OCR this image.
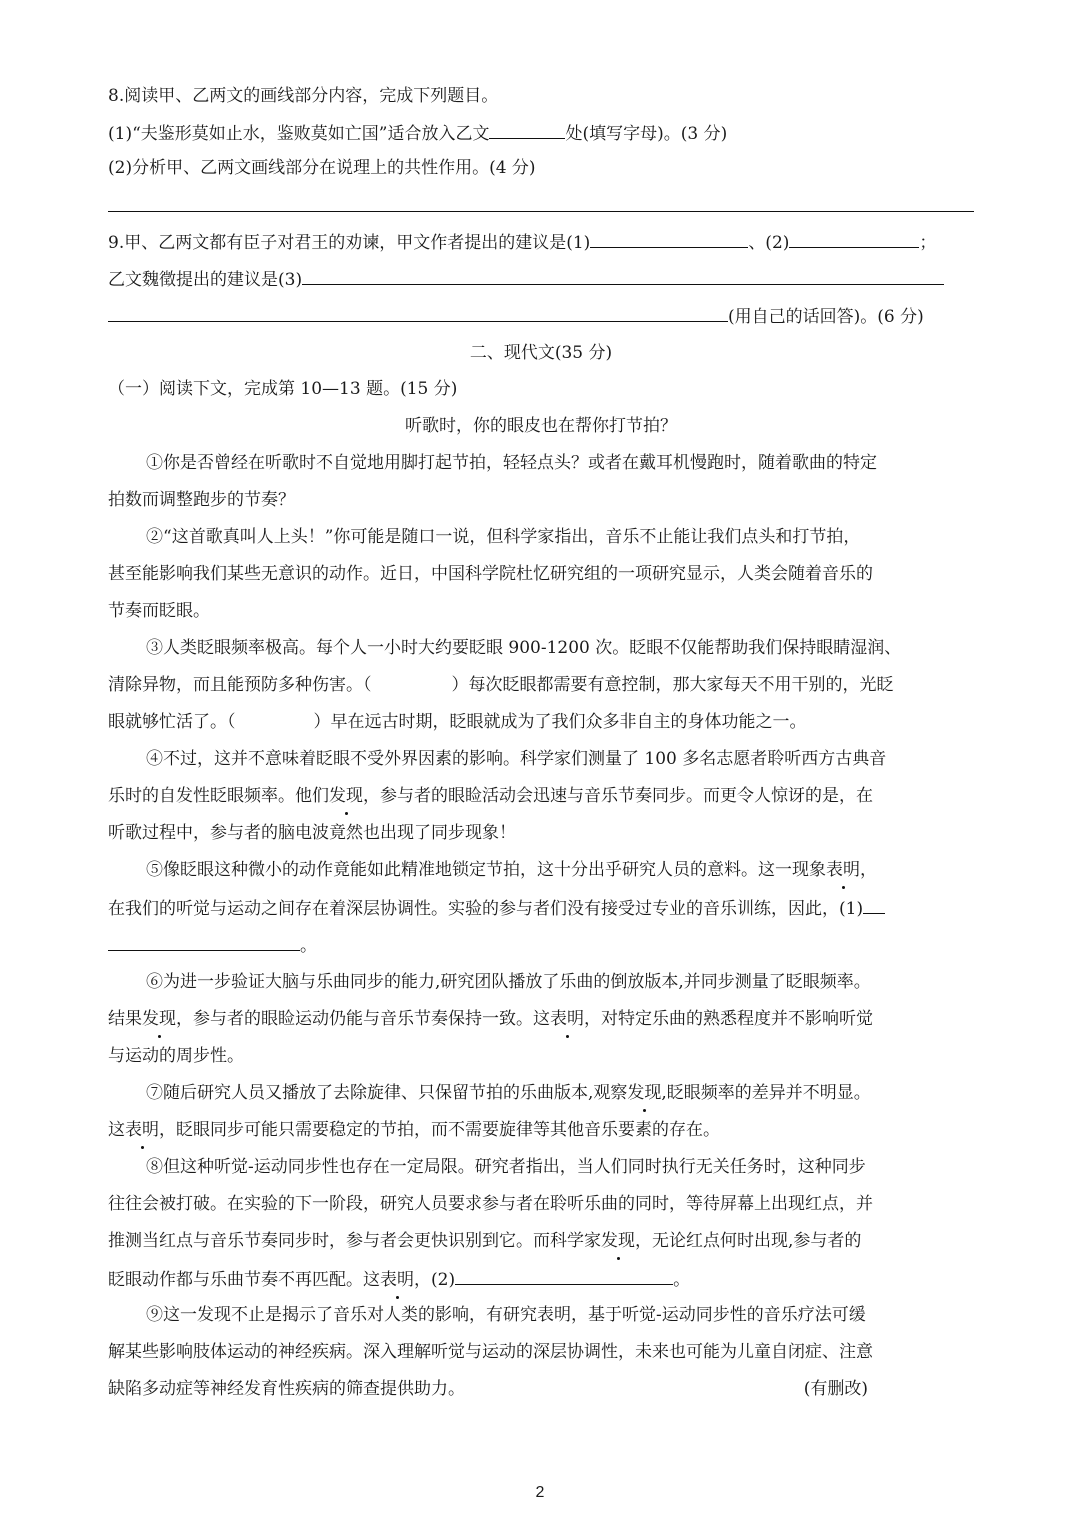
8.阅读甲、乙两文的画线部分内容，完成下列题目。
(1)“夫鉴形莫如止水，鉴败莫如亡国”适合放入乙文	处(填写字母)。(3 分)
(2)分析甲、乙两文画线部分在说理上的共性作用。(4 分)
9.甲、乙两文都有臣子对君王的劝谏，甲文作者提出的建议是(1)	、(2)	；
乙文魏徵提出的建议是(3)
(用自己的话回答)。(6 分)
二、现代文(35 分)
（一）阅读下文，完成第 10—13 题。(15 分)
听歌时，你的眼皮也在帮你打节拍？
①你是否曾经在听歌时不自觉地用脚打起节拍，轻轻点头？或者在戴耳机慢跑时，随着歌曲的特定
拍数而调整跑步的节奏？
②“这首歌真叫人上头！”你可能是随口一说，但科学家指出，音乐不止能让我们点头和打节拍，
甚至能影响我们某些无意识的动作。近日，中国科学院杜忆研究组的一项研究显示，人类会随着音乐的
节奏而眨眼。
③人类眨眼频率极高。每个人一小时大约要眨眼 900-1200 次。眨眼不仅能帮助我们保持眼睛湿润、
清除异物，而且能预防多种伤害。（	）每次眨眼都需要有意控制，那大家每天不用干别的，光眨
眼就够忙活了。（	）早在远古时期，眨眼就成为了我们众多非自主的身体功能之一。
④不过，这并不意味着眨眼不受外界因素的影响。科学家们测量了 100 多名志愿者聆听西方古典音
乐时的自发性眨眼频率。他们发现，参与者的眼睑活动会迅速与音乐节奏同步。而更令人惊讶的是，在
听歌过程中，参与者的脑电波竟然也出现了同步现象！
⑤像眨眼这种微小的动作竟能如此精准地锁定节拍，这十分出乎研究人员的意料。这一现象表明，
在我们的听觉与运动之间存在着深层协调性。实验的参与者们没有接受过专业的音乐训练，因此，(1)
。
⑥为进一步验证大脑与乐曲同步的能力,研究团队播放了乐曲的倒放版本,并同步测量了眨眼频率。
结果发现，参与者的眼睑运动仍能与音乐节奏保持一致。这表明，对特定乐曲的熟悉程度并不影响听觉
与运动的周步性。
⑦随后研究人员又播放了去除旋律、只保留节拍的乐曲版本,观察发现,眨眼频率的差异并不明显。
这表明，眨眼同步可能只需要稳定的节拍，而不需要旋律等其他音乐要素的存在。
⑧但这种听觉-运动同步性也存在一定局限。研究者指出，当人们同时执行无关任务时，这种同步
往往会被打破。在实验的下一阶段，研究人员要求参与者在聆听乐曲的同时，等待屏幕上出现红点，并
推测当红点与音乐节奏同步时，参与者会更快识别到它。而科学家发现，无论红点何时出现,参与者的
眨眼动作都与乐曲节奏不再匹配。这表明，(2)	。
⑨这一发现不止是揭示了音乐对人类的影响，有研究表明，基于听觉-运动同步性的音乐疗法可缓
解某些影响肢体运动的神经疾病。深入理解听觉与运动的深层协调性，未来也可能为儿童自闭症、注意
缺陷多动症等神经发育性疾病的筛查提供助力。	(有删改)
2
